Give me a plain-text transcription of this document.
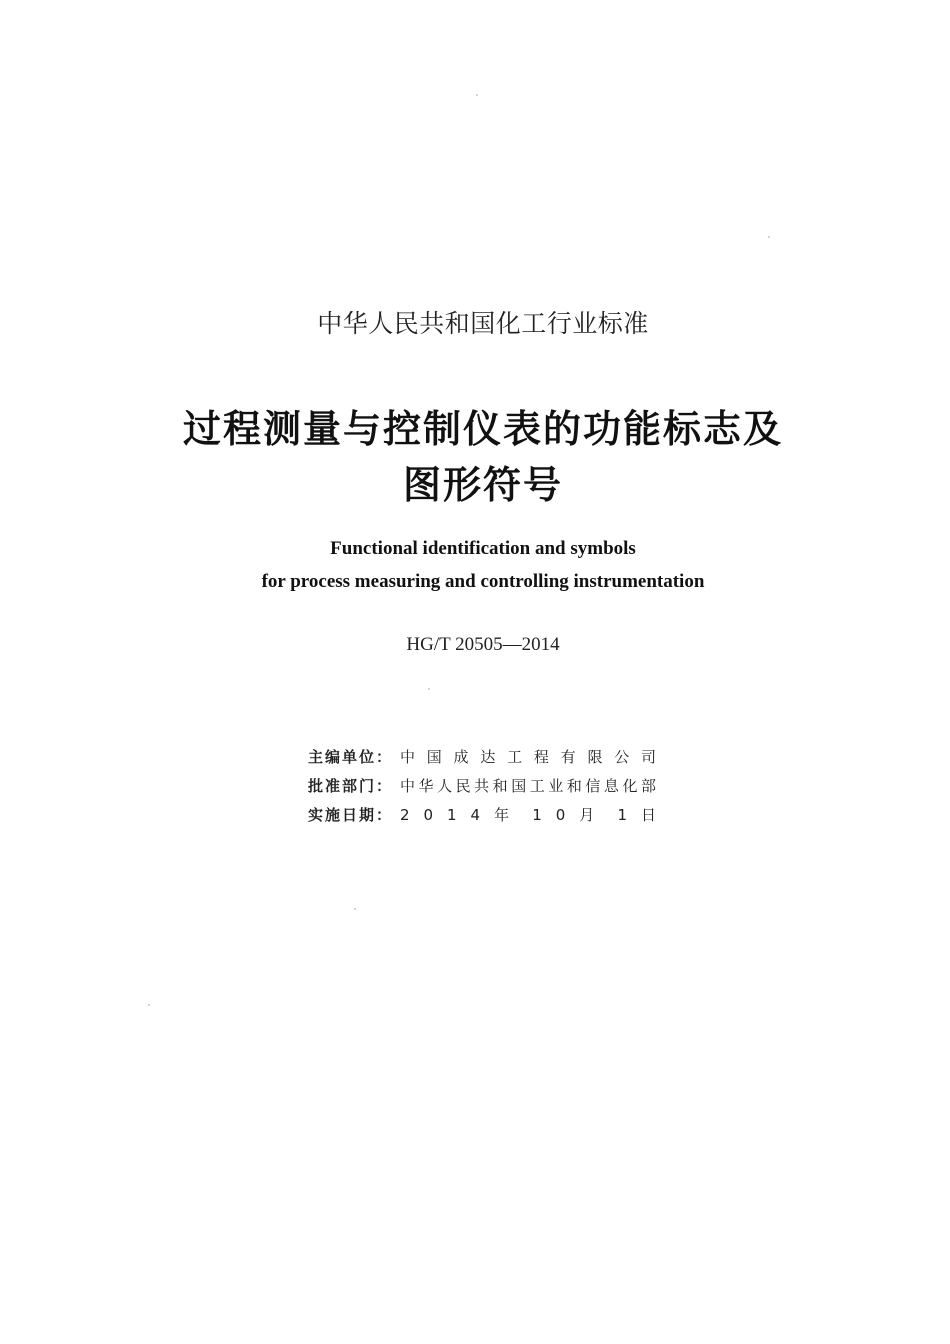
中华人民共和国化工行业标准
过程测量与控制仪表的功能标志及
图形符号
Functional identification and symbols
for process measuring and controlling instrumentation
HG/T 20505—2014
主编单位： 中 国 成 达 工 程 有 限 公 司
批准部门： 中华人民共和国工业和信息化部
实施日期： 2 0 1 4 年 1 0 月 1 日
